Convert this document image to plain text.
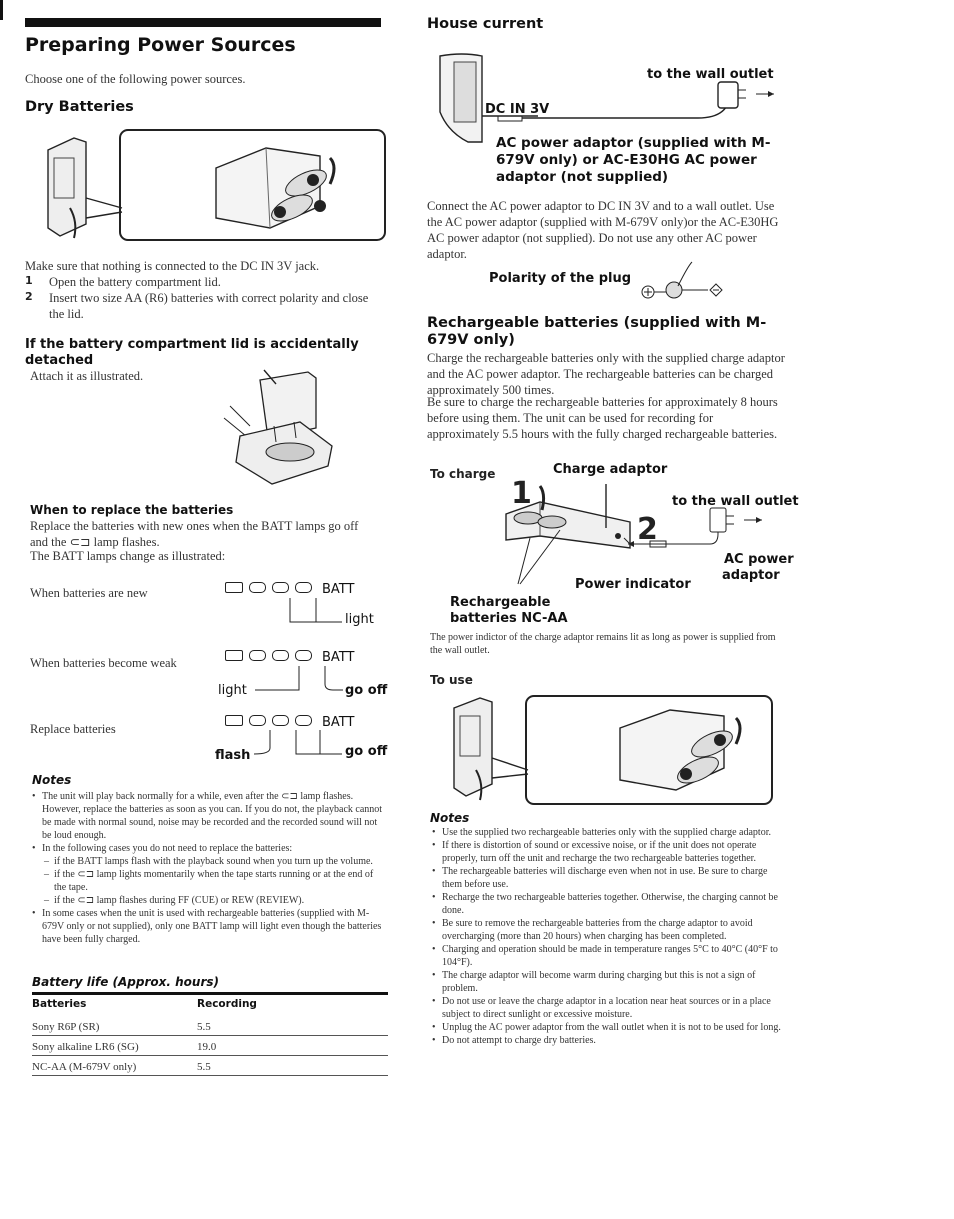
Preparing Power Sources
Choose one of the following power sources.
Dry Batteries
Make sure that nothing is connected to the DC IN 3V jack.
1	Open the battery compartment lid.
2	Insert two size AA (R6) batteries with correct polarity and close the lid.
If the battery compartment lid is accidentally detached
Attach it as illustrated.
When to replace the batteries
Replace the batteries with new ones when the BATT lamps go off and the ⊂⊐ lamp flashes.
The BATT lamps change as illustrated:
When batteries are new	BATT
light
When batteries become weak	BATT
light	go off
Replace batteries	BATT
flash	go off
Notes
• The unit will play back normally for a while, even after the ⊂⊐ lamp flashes. However, replace the batteries as soon as you can. If you do not, the playback cannot be made with normal sound, noise may be recorded and the recorded sound will not be loud enough.
• In the following cases you do not need to replace the batteries:
– if the BATT lamps flash with the playback sound when you turn up the volume.
– if the ⊂⊐ lamp lights momentarily when the tape starts running or at the end of the tape.
– if the ⊂⊐ lamp flashes during FF (CUE) or REW (REVIEW).
• In some cases when the unit is used with rechargeable batteries (supplied with M-679V only or not supplied), only one BATT lamp will light even though the batteries have been fully charged.
Battery life (Approx. hours)
Batteries	Recording
Sony R6P (SR)	5.5
Sony alkaline LR6 (SG)	19.0
NC-AA (M-679V only)	5.5
House current
to the wall outlet
DC IN 3V
AC power adaptor (supplied with M-679V only) or AC-E30HG AC power adaptor (not supplied)
Connect the AC power adaptor to DC IN 3V and to a wall outlet. Use the AC power adaptor (supplied with M-679V only)or the AC-E30HG AC power adaptor (not supplied). Do not use any other AC power adaptor.
Polarity of the plug
Rechargeable batteries (supplied with M-679V only)
Charge the rechargeable batteries only with the supplied charge adaptor and the AC power adaptor. The rechargeable batteries can be charged approximately 500 times.
Be sure to charge the rechargeable batteries for approximately 8 hours before using them. The unit can be used for recording for approximately 5.5 hours with the fully charged rechargeable batteries.
To charge	Charge adaptor
1
2
to the wall outlet
AC power
adaptor
Power indicator
Rechargeable
batteries NC-AA
The power indictor of the charge adaptor remains lit as long as power is supplied from the wall outlet.
To use
Notes
• Use the supplied two rechargeable batteries only with the supplied charge adaptor.
• If there is distortion of sound or excessive noise, or if the unit does not operate properly, turn off the unit and recharge the two rechargeable batteries together.
• The rechargeable batteries will discharge even when not in use. Be sure to charge them before use.
• Recharge the two rechargeable batteries together. Otherwise, the charging cannot be done.
• Be sure to remove the rechargeable batteries from the charge adaptor to avoid overcharging (more than 20 hours) when charging has been completed.
• Charging and operation should be made in temperature ranges 5°C to 40°C (40°F to 104°F).
• The charge adaptor will become warm during charging but this is not a sign of problem.
• Do not use or leave the charge adaptor in a location near heat sources or in a place subject to direct sunlight or excessive moisture.
• Unplug the AC power adaptor from the wall outlet when it is not to be used for long.
• Do not attempt to charge dry batteries.
